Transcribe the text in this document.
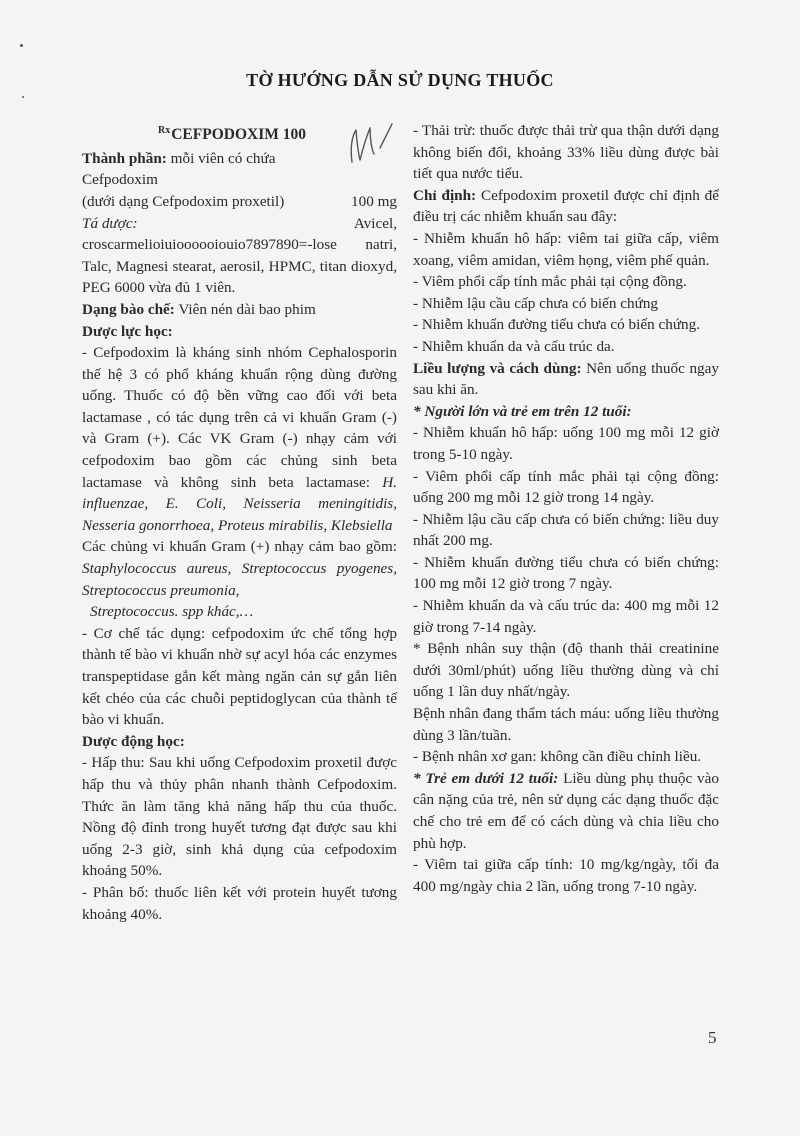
TỜ HƯỚNG DẪN SỬ DỤNG THUỐC

$^{Rx}$CEFPODOXIM 100

Thành phần: mỗi viên có chứa

Cefpodoxim

(dưới dạng Cefpodoxim proxetil)	100 mg

Tá dược:	Avicel,

croscarmelioiuioooooiouio7897890=-lose natri, Talc, Magnesi stearat, aerosil, HPMC, titan dioxyd, PEG 6000 vừa đủ 1 viên.

Dạng bào chế: Viên nén dài bao phim

Dược lực học:

- Cefpodoxim là kháng sinh nhóm Cephalosporin thế hệ 3 có phổ kháng khuẩn rộng dùng đường uống. Thuốc có độ bền vững cao đối với beta lactamase , có tác dụng trên cả vi khuẩn Gram (-) và Gram (+). Các VK Gram (-) nhạy cảm với cefpodoxim bao gồm các chủng sinh beta lactamase và không sinh beta lactamase: H. influenzae, E. Coli, Neisseria meningitidis, Nesseria gonorrhoea, Proteus mirabilis, Klebsiella

Các chủng vi khuẩn Gram (+) nhạy cảm bao gồm: Staphylococcus aureus, Streptococcus pyogenes, Streptococcus preumonia,

Streptococcus. spp khác,…

- Cơ chế tác dụng: cefpodoxim ức chế tổng hợp thành tế bào vi khuẩn nhờ sự acyl hóa các enzymes transpeptidase gắn kết màng ngăn cản sự gắn liên kết chéo của các chuỗi peptidoglycan của thành tế bào vi khuẩn.

Dược động học:

- Hấp thu: Sau khi uống Cefpodoxim proxetil được hấp thu và thủy phân nhanh thành Cefpodoxim. Thức ăn làm tăng khả năng hấp thu của thuốc. Nồng độ đỉnh trong huyết tương đạt được sau khi uống 2-3 giờ, sinh khả dụng của cefpodoxim khoảng 50%.

- Phân bố: thuốc liên kết với protein huyết tương khoảng 40%.

- Thải trừ: thuốc được thải trừ qua thận dưới dạng không biến đổi, khoảng 33% liều dùng được bài tiết qua nước tiểu.

Chỉ định: Cefpodoxim proxetil được chỉ định để điều trị các nhiễm khuẩn sau đây:

- Nhiễm khuẩn hô hấp: viêm tai giữa cấp, viêm xoang, viêm amidan, viêm họng, viêm phế quản.

- Viêm phổi cấp tính mắc phải tại cộng đồng.

- Nhiễm lậu cầu cấp chưa có biến chứng

- Nhiễm khuẩn đường tiểu chưa có biến chứng.

- Nhiễm khuẩn da và cấu trúc da.

Liều lượng và cách dùng: Nên uống thuốc ngay sau khi ăn.

* Người lớn và trẻ em trên 12 tuổi:

- Nhiễm khuẩn hô hấp: uống 100 mg mỗi 12 giờ trong 5-10 ngày.

- Viêm phổi cấp tính mắc phải tại cộng đồng: uống 200 mg mỗi 12 giờ trong 14 ngày.

- Nhiễm lậu cầu cấp chưa có biến chứng: liều duy nhất 200 mg.

- Nhiễm khuẩn đường tiểu chưa có biến chứng: 100 mg mỗi 12 giờ trong 7 ngày.

- Nhiễm khuẩn da và cấu trúc da: 400 mg mỗi 12 giờ trong 7-14 ngày.

* Bệnh nhân suy thận (độ thanh thải creatinine dưới 30ml/phút) uống liều thường dùng và chỉ uống 1 lần duy nhất/ngày.

Bệnh nhân đang thẩm tách máu: uống liều thường dùng 3 lần/tuần.

- Bệnh nhân xơ gan: không cần điều chỉnh liều.

* Trẻ em dưới 12 tuổi: Liều dùng phụ thuộc vào cân nặng của trẻ, nên sử dụng các dạng thuốc đặc chế cho trẻ em để có cách dùng và chia liều cho phù hợp.

- Viêm tai giữa cấp tính: 10 mg/kg/ngày, tối đa 400 mg/ngày chia 2 lần, uống trong 7-10 ngày.

5
